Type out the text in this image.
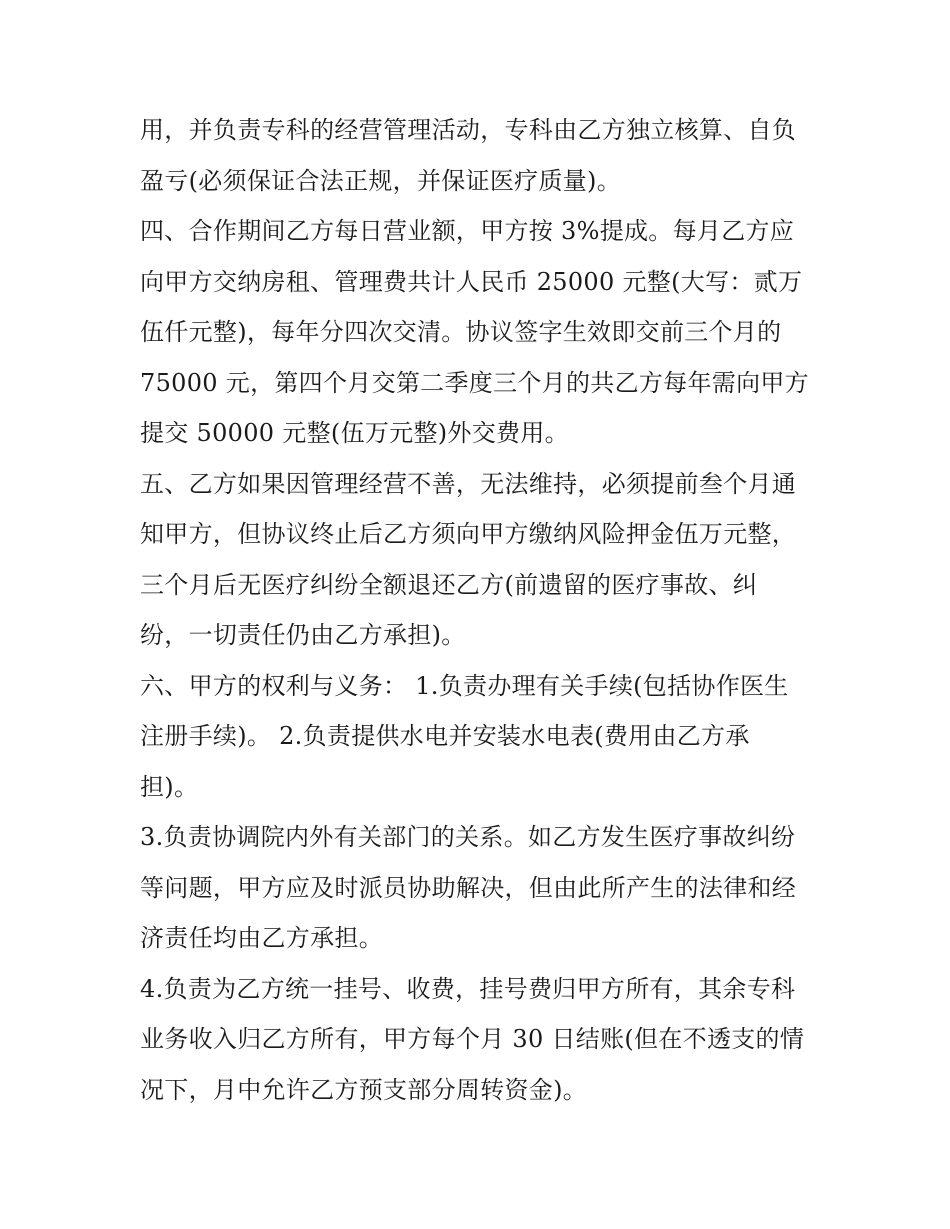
用，并负责专科的经营管理活动，专科由乙方独立核算、自负
盈亏(必须保证合法正规，并保证医疗质量)。
四、合作期间乙方每日营业额，甲方按 3%提成。每月乙方应
向甲方交纳房租、管理费共计人民币 25000 元整(大写：贰万
伍仟元整)，每年分四次交清。协议签字生效即交前三个月的
75000 元，第四个月交第二季度三个月的共乙方每年需向甲方
提交 50000 元整(伍万元整)外交费用。
五、乙方如果因管理经营不善，无法维持，必须提前叁个月通
知甲方，但协议终止后乙方须向甲方缴纳风险押金伍万元整，
三个月后无医疗纠纷全额退还乙方(前遗留的医疗事故、纠
纷，一切责任仍由乙方承担)。
六、甲方的权利与义务： 1.负责办理有关手续(包括协作医生
注册手续)。 2.负责提供水电并安装水电表(费用由乙方承
担)。
3.负责协调院内外有关部门的关系。如乙方发生医疗事故纠纷
等问题，甲方应及时派员协助解决，但由此所产生的法律和经
济责任均由乙方承担。
4.负责为乙方统一挂号、收费，挂号费归甲方所有，其余专科
业务收入归乙方所有，甲方每个月 30 日结账(但在不透支的情
况下，月中允许乙方预支部分周转资金)。
